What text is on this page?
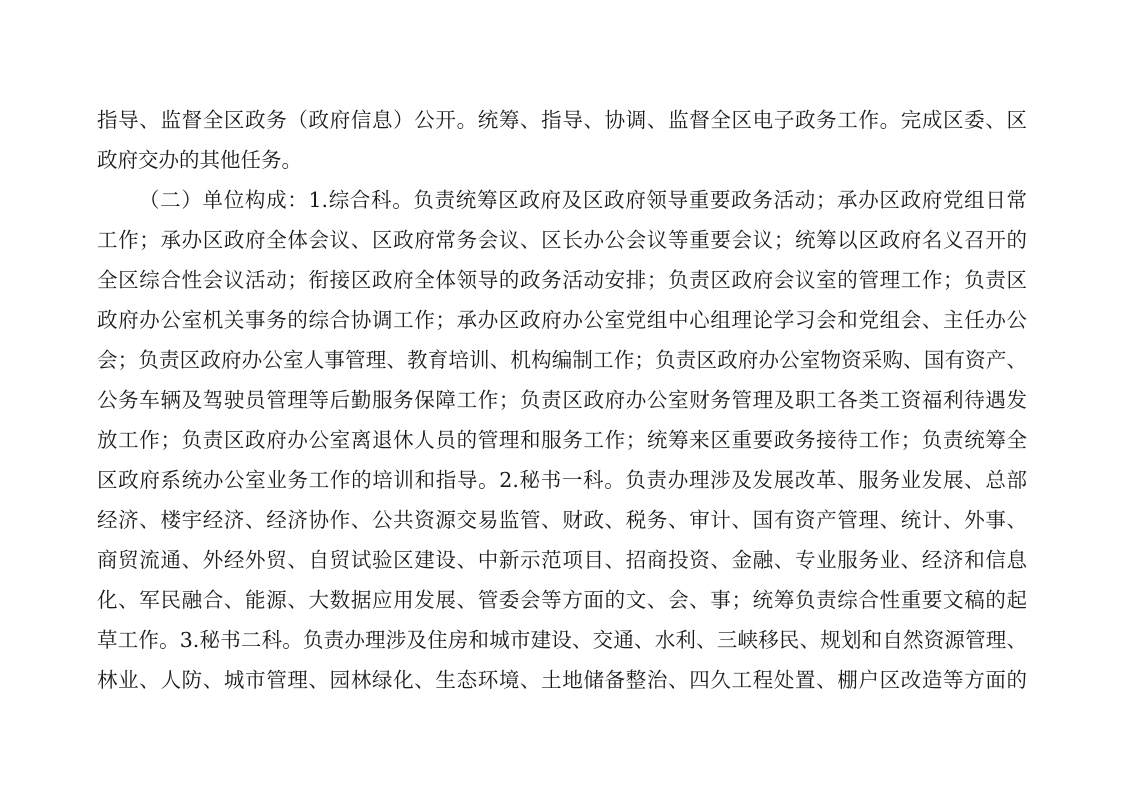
指导、监督全区政务（政府信息）公开。统筹、指导、协调、监督全区电子政务工作。完成区委、区
政府交办的其他任务。
（二）单位构成：1.综合科。负责统筹区政府及区政府领导重要政务活动；承办区政府党组日常
工作；承办区政府全体会议、区政府常务会议、区长办公会议等重要会议；统筹以区政府名义召开的
全区综合性会议活动；衔接区政府全体领导的政务活动安排；负责区政府会议室的管理工作；负责区
政府办公室机关事务的综合协调工作；承办区政府办公室党组中心组理论学习会和党组会、主任办公
会；负责区政府办公室人事管理、教育培训、机构编制工作；负责区政府办公室物资采购、国有资产、
公务车辆及驾驶员管理等后勤服务保障工作；负责区政府办公室财务管理及职工各类工资福利待遇发
放工作；负责区政府办公室离退休人员的管理和服务工作；统筹来区重要政务接待工作；负责统筹全
区政府系统办公室业务工作的培训和指导。2.秘书一科。负责办理涉及发展改革、服务业发展、总部
经济、楼宇经济、经济协作、公共资源交易监管、财政、税务、审计、国有资产管理、统计、外事、
商贸流通、外经外贸、自贸试验区建设、中新示范项目、招商投资、金融、专业服务业、经济和信息
化、军民融合、能源、大数据应用发展、管委会等方面的文、会、事；统筹负责综合性重要文稿的起
草工作。3.秘书二科。负责办理涉及住房和城市建设、交通、水利、三峡移民、规划和自然资源管理、
林业、人防、城市管理、园林绿化、生态环境、土地储备整治、四久工程处置、棚户区改造等方面的
